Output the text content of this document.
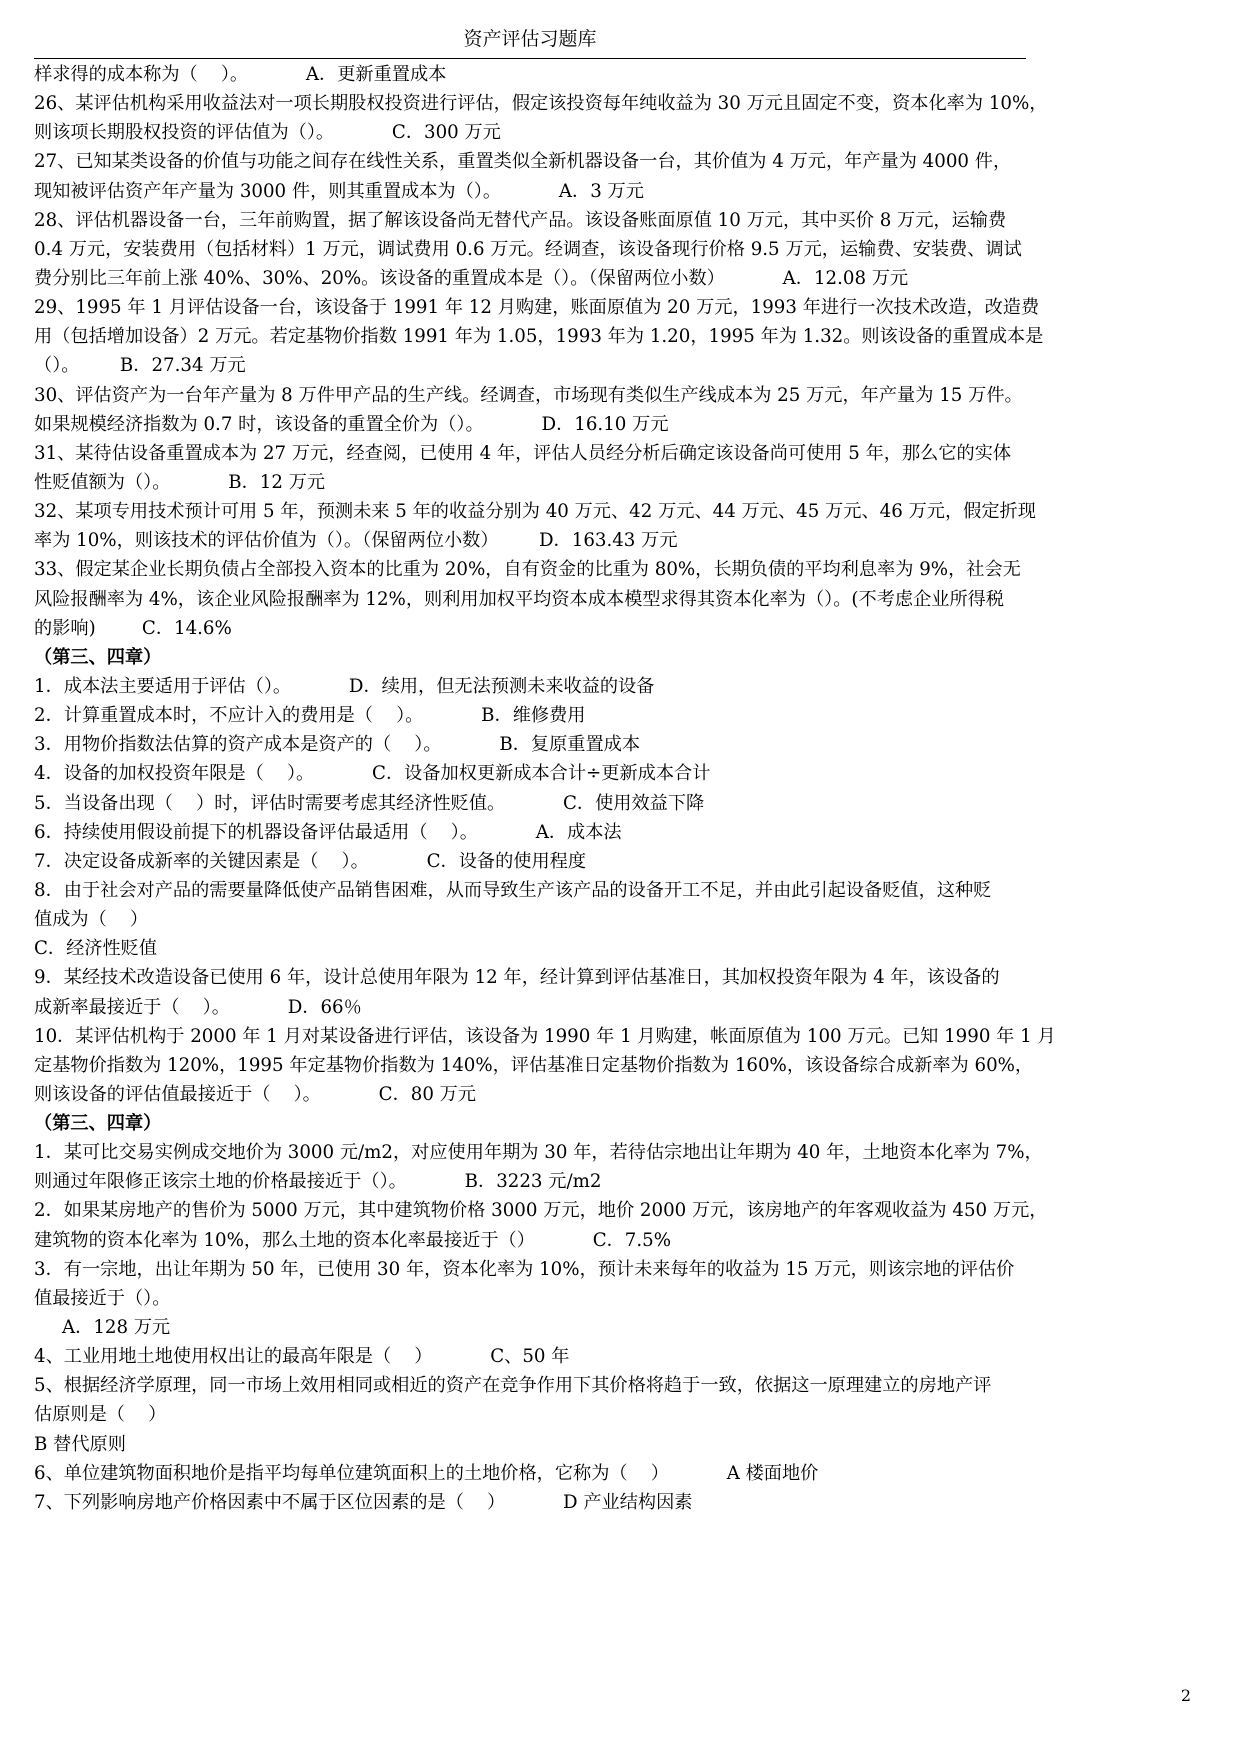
资产评估习题库
样求得的成本称为（    ）。          A．更新重置成本
26、某评估机构采用收益法对一项长期股权投资进行评估，假定该投资每年纯收益为 30 万元且固定不变，资本化率为 10%，
则该项长期股权投资的评估值为（）。          C．300 万元
27、已知某类设备的价值与功能之间存在线性关系，重置类似全新机器设备一台，其价值为 4 万元，年产量为 4000 件，
现知被评估资产年产量为 3000 件，则其重置成本为（）。          A．3 万元
28、评估机器设备一台，三年前购置，据了解该设备尚无替代产品。该设备账面原值 10 万元，其中买价 8 万元，运输费
0.4 万元，安装费用（包括材料）1 万元，调试费用 0.6 万元。经调查，该设备现行价格 9.5 万元，运输费、安装费、调试
费分别比三年前上涨 40%、30%、20%。该设备的重置成本是（）。（保留两位小数）          A．12.08 万元
29、1995 年 1 月评估设备一台，该设备于 1991 年 12 月购建，账面原值为 20 万元，1993 年进行一次技术改造，改造费
用（包括增加设备）2 万元。若定基物价指数 1991 年为 1.05，1993 年为 1.20，1995 年为 1.32。则该设备的重置成本是
（）。       B．27.34 万元
30、评估资产为一台年产量为 8 万件甲产品的生产线。经调查，市场现有类似生产线成本为 25 万元，年产量为 15 万件。
如果规模经济指数为 0.7 时，该设备的重置全价为（）。          D．16.10 万元
31、某待估设备重置成本为 27 万元，经查阅，已使用 4 年，评估人员经分析后确定该设备尚可使用 5 年，那么它的实体
性贬值额为（）。          B．12 万元
32、某项专用技术预计可用 5 年，预测未来 5 年的收益分别为 40 万元、42 万元、44 万元、45 万元、46 万元，假定折现
率为 10%，则该技术的评估价值为（）。（保留两位小数）       D．163.43 万元
33、假定某企业长期负债占全部投入资本的比重为 20%，自有资金的比重为 80%，长期负债的平均利息率为 9%，社会无
风险报酬率为 4%，该企业风险报酬率为 12%，则利用加权平均资本成本模型求得其资本化率为（）。(不考虑企业所得税
的影响)        C．14.6%
（第三、四章）
1．成本法主要适用于评估（）。          D．续用，但无法预测未来收益的设备
2．计算重置成本时，不应计入的费用是（    ）。          B．维修费用
3．用物价指数法估算的资产成本是资产的（    ）。          B．复原重置成本
4．设备的加权投资年限是（    ）。          C．设备加权更新成本合计÷更新成本合计
5．当设备出现（    ）时，评估时需要考虑其经济性贬值。          C．使用效益下降
6．持续使用假设前提下的机器设备评估最适用（    ）。          A．成本法
7．决定设备成新率的关键因素是（    ）。          C．设备的使用程度
8．由于社会对产品的需要量降低使产品销售困难，从而导致生产该产品的设备开工不足，并由此引起设备贬值，这种贬
值成为（    ）
C．经济性贬值
9．某经技术改造设备已使用 6 年，设计总使用年限为 12 年，经计算到评估基准日，其加权投资年限为 4 年，该设备的
成新率最接近于（    ）。          D．66％
10．某评估机构于 2000 年 1 月对某设备进行评估，该设备为 1990 年 1 月购建，帐面原值为 100 万元。已知 1990 年 1 月
定基物价指数为 120%，1995 年定基物价指数为 140%，评估基准日定基物价指数为 160%，该设备综合成新率为 60%，
则该设备的评估值最接近于（    ）。          C．80 万元
（第三、四章）
1．某可比交易实例成交地价为 3000 元/m2，对应使用年期为 30 年，若待估宗地出让年期为 40 年，土地资本化率为 7%，
则通过年限修正该宗土地的价格最接近于（）。          B．3223 元/m2
2．如果某房地产的售价为 5000 万元，其中建筑物价格 3000 万元，地价 2000 万元，该房地产的年客观收益为 450 万元，
建筑物的资本化率为 10%，那么土地的资本化率最接近于（）          C．7.5%
3．有一宗地，出让年期为 50 年，已使用 30 年，资本化率为 10%，预计未来每年的收益为 15 万元，则该宗地的评估价
值最接近于（）。
A．128 万元
4、工业用地土地使用权出让的最高年限是（    ）          C、50 年
5、根据经济学原理，同一市场上效用相同或相近的资产在竞争作用下其价格将趋于一致，依据这一原理建立的房地产评
估原则是（    ）
B 替代原则
6、单位建筑物面积地价是指平均每单位建筑面积上的土地价格，它称为（    ）          A 楼面地价
7、下列影响房地产价格因素中不属于区位因素的是（    ）          D 产业结构因素
2
